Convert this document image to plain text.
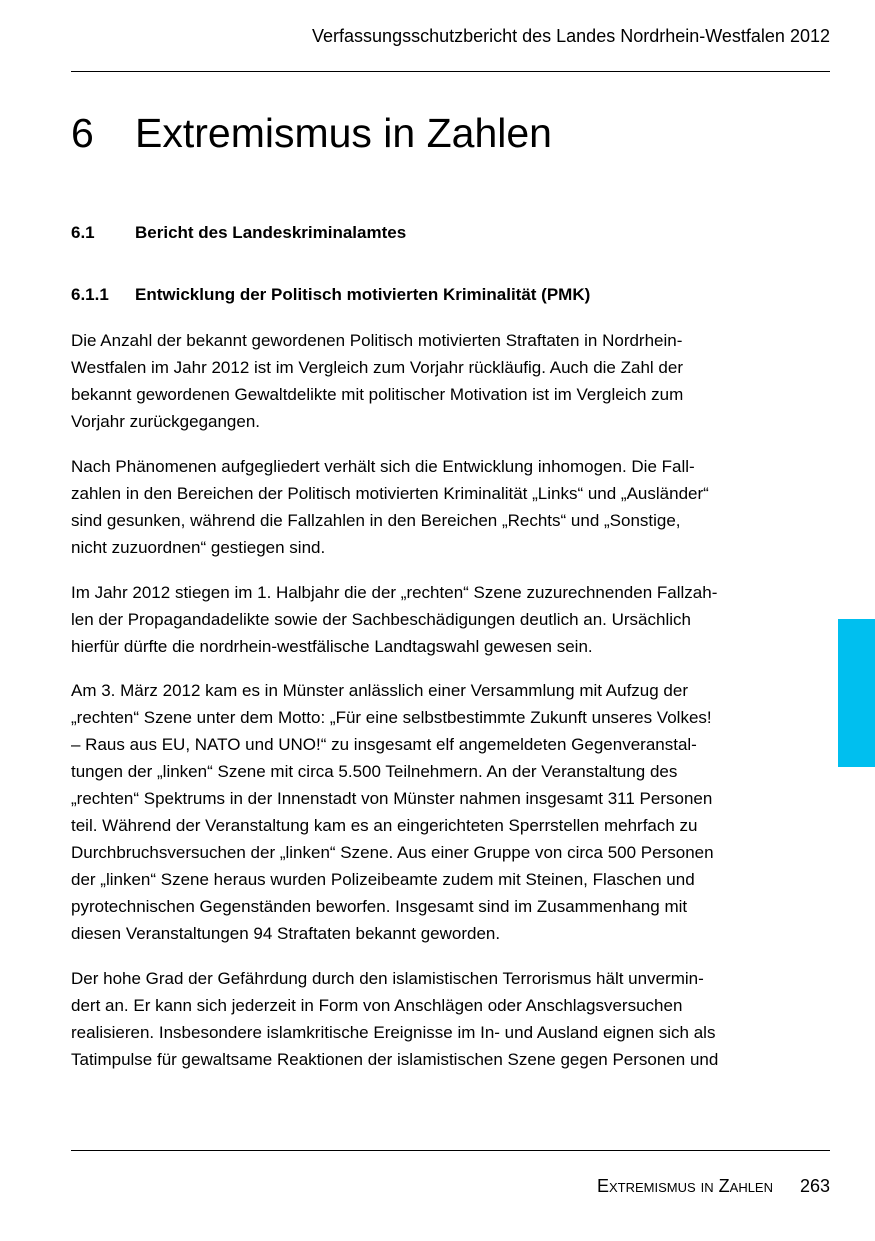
Verfassungsschutzbericht des Landes Nordrhein-Westfalen 2012
6 Extremismus in Zahlen
6.1 Bericht des Landeskriminalamtes
6.1.1 Entwicklung der Politisch motivierten Kriminalität (PMK)
Die Anzahl der bekannt gewordenen Politisch motivierten Straftaten in Nordrhein-
Westfalen im Jahr 2012 ist im Vergleich zum Vorjahr rückläufig. Auch die Zahl der
bekannt gewordenen Gewaltdelikte mit politischer Motivation ist im Vergleich zum
Vorjahr zurückgegangen.
Nach Phänomenen aufgegliedert verhält sich die Entwicklung inhomogen. Die Fall-
zahlen in den Bereichen der Politisch motivierten Kriminalität „Links“ und „Ausländer“
sind gesunken, während die Fallzahlen in den Bereichen „Rechts“ und „Sonstige,
nicht zuzuordnen“ gestiegen sind.
Im Jahr 2012 stiegen im 1. Halbjahr die der „rechten“ Szene zuzurechnenden Fallzah-
len der Propagandadelikte sowie der Sachbeschädigungen deutlich an. Ursächlich
hierfür dürfte die nordrhein-westfälische Landtagswahl gewesen sein.
Am 3. März 2012 kam es in Münster anlässlich einer Versammlung mit Aufzug der
„rechten“ Szene unter dem Motto: „Für eine selbstbestimmte Zukunft unseres Volkes!
– Raus aus EU, NATO und UNO!“ zu insgesamt elf angemeldeten Gegenveranstal-
tungen der „linken“ Szene mit circa 5.500 Teilnehmern. An der Veranstaltung des
„rechten“ Spektrums in der Innenstadt von Münster nahmen insgesamt 311 Personen
teil. Während der Veranstaltung kam es an eingerichteten Sperrstellen mehrfach zu
Durchbruchsversuchen der „linken“ Szene. Aus einer Gruppe von circa 500 Personen
der „linken“ Szene heraus wurden Polizeibeamte zudem mit Steinen, Flaschen und
pyrotechnischen Gegenständen beworfen. Insgesamt sind im Zusammenhang mit
diesen Veranstaltungen 94 Straftaten bekannt geworden.
Der hohe Grad der Gefährdung durch den islamistischen Terrorismus hält unvermin-
dert an. Er kann sich jederzeit in Form von Anschlägen oder Anschlagsversuchen
realisieren. Insbesondere islamkritische Ereignisse im In- und Ausland eignen sich als
Tatimpulse für gewaltsame Reaktionen der islamistischen Szene gegen Personen und
Extremismus in Zahlen 263
